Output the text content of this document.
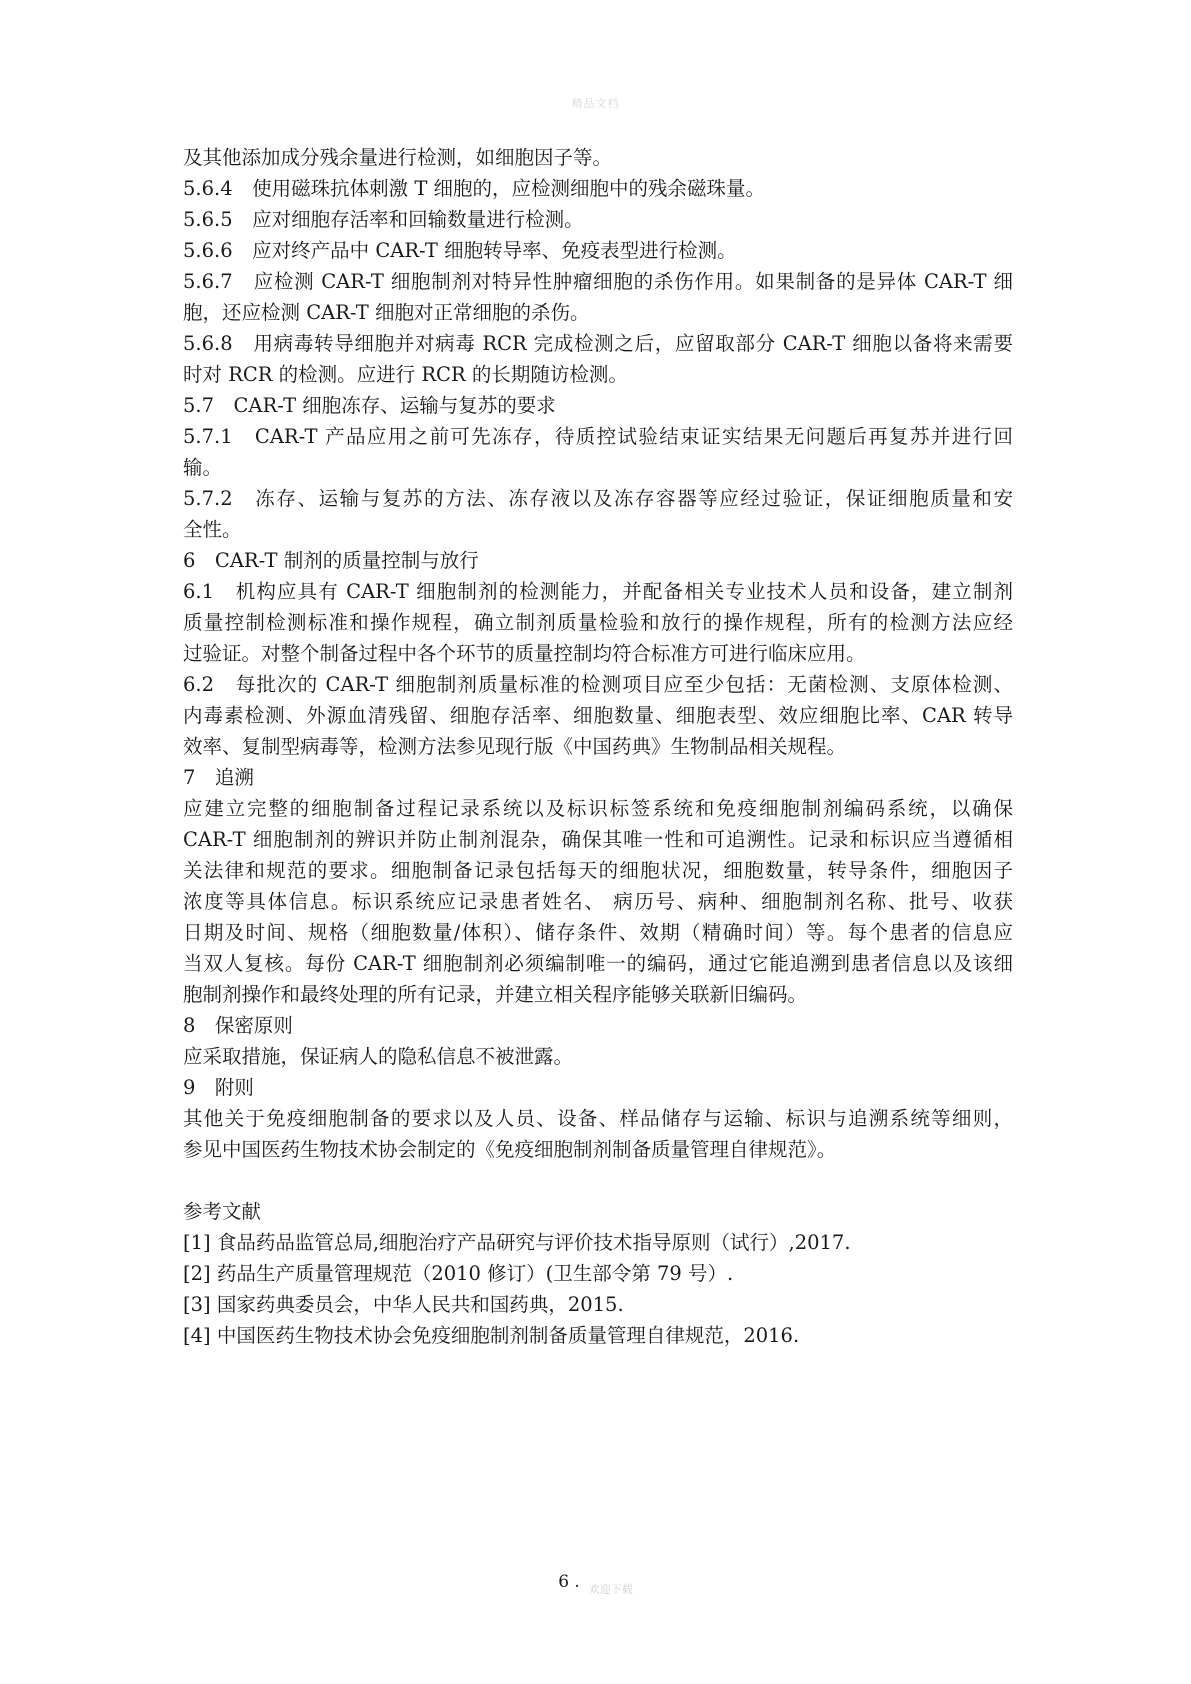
精品文档
及其他添加成分残余量进行检测，如细胞因子等。
5.6.4　使用磁珠抗体刺激 T 细胞的，应检测细胞中的残余磁珠量。
5.6.5　应对细胞存活率和回输数量进行检测。
5.6.6　应对终产品中 CAR-T 细胞转导率、免疫表型进行检测。
5.6.7　应检测 CAR-T 细胞制剂对特异性肿瘤细胞的杀伤作用。如果制备的是异体 CAR-T 细
胞，还应检测 CAR-T 细胞对正常细胞的杀伤。
5.6.8　用病毒转导细胞并对病毒 RCR 完成检测之后，应留取部分 CAR-T 细胞以备将来需要
时对 RCR 的检测。应进行 RCR 的长期随访检测。
5.7　CAR-T 细胞冻存、运输与复苏的要求
5.7.1　CAR-T 产品应用之前可先冻存，待质控试验结束证实结果无问题后再复苏并进行回
输。
5.7.2　冻存、运输与复苏的方法、冻存液以及冻存容器等应经过验证，保证细胞质量和安
全性。
6　CAR-T 制剂的质量控制与放行
6.1　机构应具有 CAR-T 细胞制剂的检测能力，并配备相关专业技术人员和设备，建立制剂
质量控制检测标准和操作规程，确立制剂质量检验和放行的操作规程，所有的检测方法应经
过验证。对整个制备过程中各个环节的质量控制均符合标准方可进行临床应用。
6.2　每批次的 CAR-T 细胞制剂质量标准的检测项目应至少包括：无菌检测、支原体检测、
内毒素检测、外源血清残留、细胞存活率、细胞数量、细胞表型、效应细胞比率、CAR 转导
效率、复制型病毒等，检测方法参见现行版《中国药典》生物制品相关规程。
7　追溯
应建立完整的细胞制备过程记录系统以及标识标签系统和免疫细胞制剂编码系统，以确保
CAR-T 细胞制剂的辨识并防止制剂混杂，确保其唯一性和可追溯性。记录和标识应当遵循相
关法律和规范的要求。细胞制备记录包括每天的细胞状况，细胞数量，转导条件，细胞因子
浓度等具体信息。标识系统应记录患者姓名、 病历号、病种、细胞制剂名称、批号、收获
日期及时间、规格（细胞数量/体积）、储存条件、效期（精确时间）等。每个患者的信息应
当双人复核。每份 CAR-T 细胞制剂必须编制唯一的编码，通过它能追溯到患者信息以及该细
胞制剂操作和最终处理的所有记录，并建立相关程序能够关联新旧编码。
8　保密原则
应采取措施，保证病人的隐私信息不被泄露。
9　附则
其他关于免疫细胞制备的要求以及人员、设备、样品储存与运输、标识与追溯系统等细则，
参见中国医药生物技术协会制定的《免疫细胞制剂制备质量管理自律规范》。
参考文献
[1] 食品药品监管总局,细胞治疗产品研究与评价技术指导原则（试行）,2017.
[2] 药品生产质量管理规范（2010 修订）(卫生部令第 79 号）.
[3] 国家药典委员会，中华人民共和国药典，2015.
[4] 中国医药生物技术协会免疫细胞制剂制备质量管理自律规范，2016.
6 . 欢迎下载
